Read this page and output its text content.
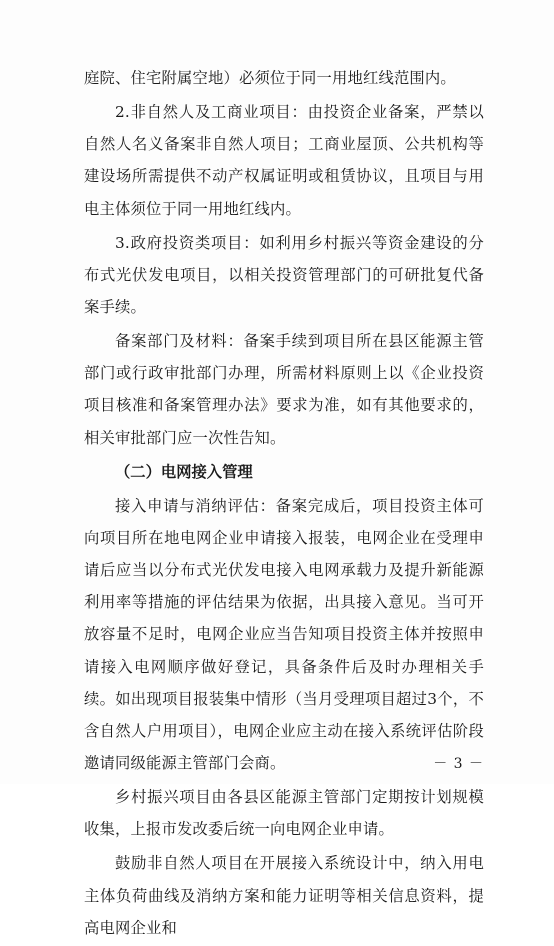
庭院、住宅附属空地）必须位于同一用地红线范围内。

2.非自然人及工商业项目：由投资企业备案，严禁以自然人名义备案非自然人项目；工商业屋顶、公共机构等建设场所需提供不动产权属证明或租赁协议，且项目与用电主体须位于同一用地红线内。

3.政府投资类项目：如利用乡村振兴等资金建设的分布式光伏发电项目，以相关投资管理部门的可研批复代备案手续。

备案部门及材料：备案手续到项目所在县区能源主管部门或行政审批部门办理，所需材料原则上以《企业投资项目核准和备案管理办法》要求为准，如有其他要求的，相关审批部门应一次性告知。

（二）电网接入管理

接入申请与消纳评估：备案完成后，项目投资主体可向项目所在地电网企业申请接入报装，电网企业在受理申请后应当以分布式光伏发电接入电网承载力及提升新能源利用率等措施的评估结果为依据，出具接入意见。当可开放容量不足时，电网企业应当告知项目投资主体并按照申请接入电网顺序做好登记，具备条件后及时办理相关手续。如出现项目报装集中情形（当月受理项目超过3个，不含自然人户用项目），电网企业应主动在接入系统评估阶段邀请同级能源主管部门会商。

乡村振兴项目由各县区能源主管部门定期按计划规模收集，上报市发改委后统一向电网企业申请。

鼓励非自然人项目在开展接入系统设计中，纳入用电主体负荷曲线及消纳方案和能力证明等相关信息资料，提高电网企业和

－ 3 －
